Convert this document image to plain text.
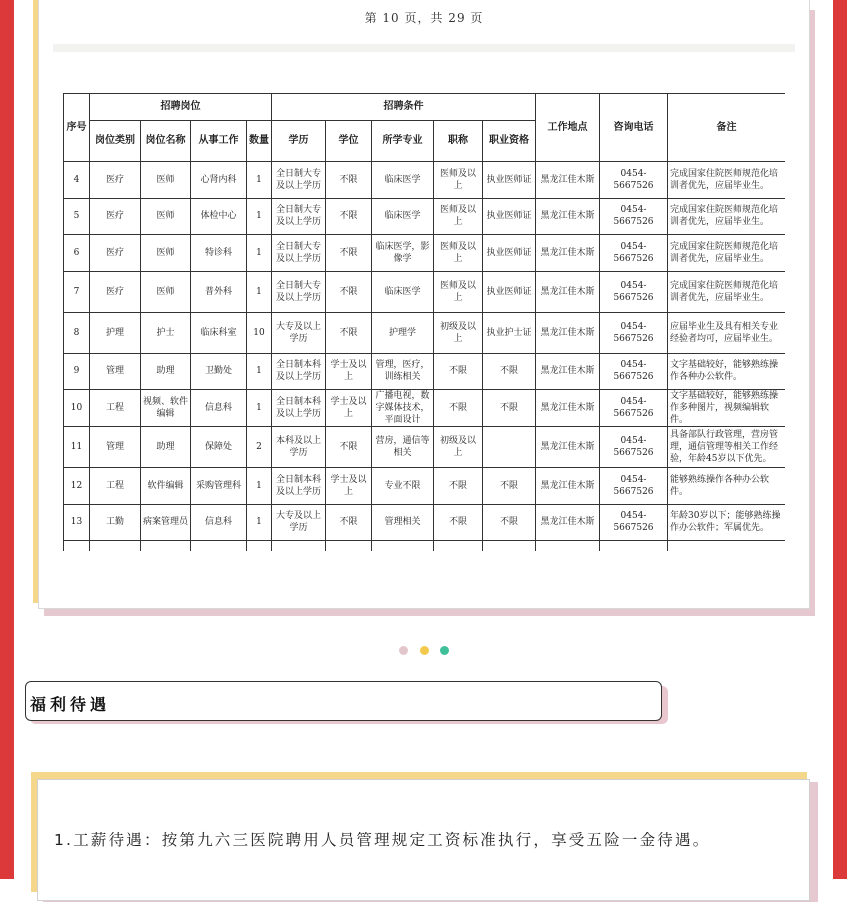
第 10 页，共 29 页
序号	招聘岗位				招聘条件					工作地点	咨询电话	备注
	岗位类别	岗位名称	从事工作	数量	学历	学位	所学专业	职称	职业资格			
4	医疗	医师	心肾内科	1	全日制大专及以上学历	不限	临床医学	医师及以上	执业医师证	黑龙江佳木斯	0454-5667526	完成国家住院医师规范化培训者优先，应届毕业生。
5	医疗	医师	体检中心	1	全日制大专及以上学历	不限	临床医学	医师及以上	执业医师证	黑龙江佳木斯	0454-5667526	完成国家住院医师规范化培训者优先，应届毕业生。
6	医疗	医师	特诊科	1	全日制大专及以上学历	不限	临床医学，影像学	医师及以上	执业医师证	黑龙江佳木斯	0454-5667526	完成国家住院医师规范化培训者优先，应届毕业生。
7	医疗	医师	普外科	1	全日制大专及以上学历	不限	临床医学	医师及以上	执业医师证	黑龙江佳木斯	0454-5667526	完成国家住院医师规范化培训者优先，应届毕业生。
8	护理	护士	临床科室	10	大专及以上学历	不限	护理学	初级及以上	执业护士证	黑龙江佳木斯	0454-5667526	应届毕业生及具有相关专业经验者均可，应届毕业生。
9	管理	助理	卫勤处	1	全日制本科及以上学历	学士及以上	管理，医疗，训练相关	不限	不限	黑龙江佳木斯	0454-5667526	文字基础较好，能够熟练操作各种办公软件。
10	工程	视频、软件编辑	信息科	1	全日制本科及以上学历	学士及以上	广播电视，数字媒体技术，平面设计	不限	不限	黑龙江佳木斯	0454-5667526	文字基础较好，能够熟练操作多种图片，视频编辑软件。
11	管理	助理	保障处	2	本科及以上学历	不限	营房，通信等相关	初级及以上		黑龙江佳木斯	0454-5667526	具备部队行政管理，营房管理，通信管理等相关工作经验，年龄45岁以下优先。
12	工程	软件编辑	采购管理科	1	全日制本科及以上学历	学士及以上	专业不限	不限	不限	黑龙江佳木斯	0454-5667526	能够熟练操作各种办公软件。
13	工勤	病案管理员	信息科	1	大专及以上学历	不限	管理相关	不限	不限	黑龙江佳木斯	0454-5667526	年龄30岁以下；能够熟练操作办公软件；军属优先。

福利待遇
1.工薪待遇：按第九六三医院聘用人员管理规定工资标准执行，享受五险一金待遇。
